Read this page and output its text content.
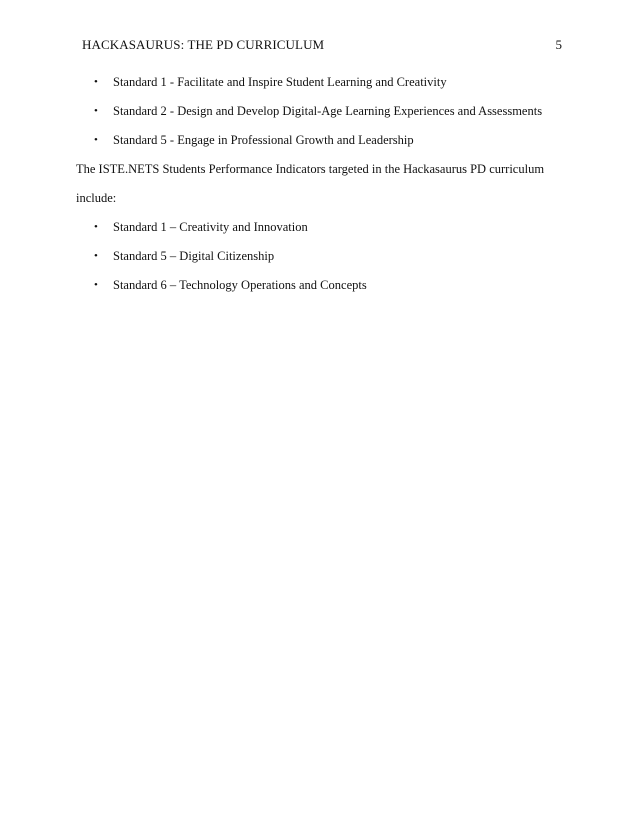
HACKASAURUS: THE PD CURRICULUM	5
• Standard 1 - Facilitate and Inspire Student Learning and Creativity
• Standard 2 - Design and Develop Digital-Age Learning Experiences and Assessments
• Standard 5 - Engage in Professional Growth and Leadership

The ISTE.NETS Students Performance Indicators targeted in the Hackasaurus PD curriculum
include:

• Standard 1 – Creativity and Innovation
• Standard 5 – Digital Citizenship
• Standard 6 – Technology Operations and Concepts
